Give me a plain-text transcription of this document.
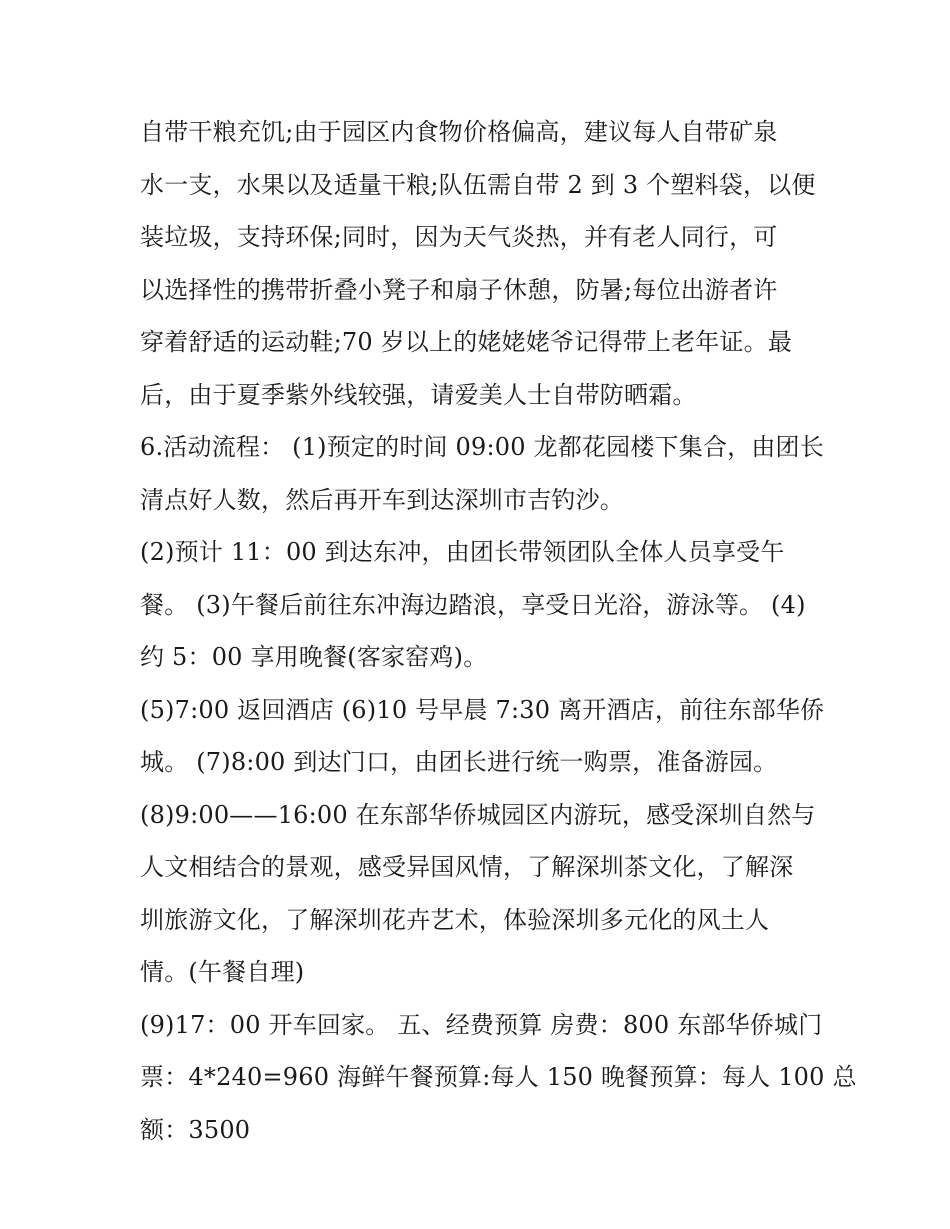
自带干粮充饥;由于园区内食物价格偏高，建议每人自带矿泉
水一支，水果以及适量干粮;队伍需自带 2 到 3 个塑料袋，以便
装垃圾，支持环保;同时，因为天气炎热，并有老人同行，可
以选择性的携带折叠小凳子和扇子休憩，防暑;每位出游者许
穿着舒适的运动鞋;70 岁以上的姥姥姥爷记得带上老年证。最
后，由于夏季紫外线较强，请爱美人士自带防晒霜。
6.活动流程： (1)预定的时间 09:00 龙都花园楼下集合，由团长
清点好人数，然后再开车到达深圳市吉钓沙。
(2)预计 11：00 到达东冲，由团长带领团队全体人员享受午
餐。 (3)午餐后前往东冲海边踏浪，享受日光浴，游泳等。 (4)
约 5：00 享用晚餐(客家窑鸡)。
(5)7:00 返回酒店 (6)10 号早晨 7:30 离开酒店，前往东部华侨
城。 (7)8:00 到达门口，由团长进行统一购票，准备游园。
(8)9:00——16:00 在东部华侨城园区内游玩，感受深圳自然与
人文相结合的景观，感受异国风情，了解深圳茶文化，了解深
圳旅游文化，了解深圳花卉艺术，体验深圳多元化的风土人
情。(午餐自理)
(9)17：00 开车回家。 五、经费预算 房费：800 东部华侨城门
票：4*240=960 海鲜午餐预算:每人 150 晚餐预算：每人 100 总
额：3500
